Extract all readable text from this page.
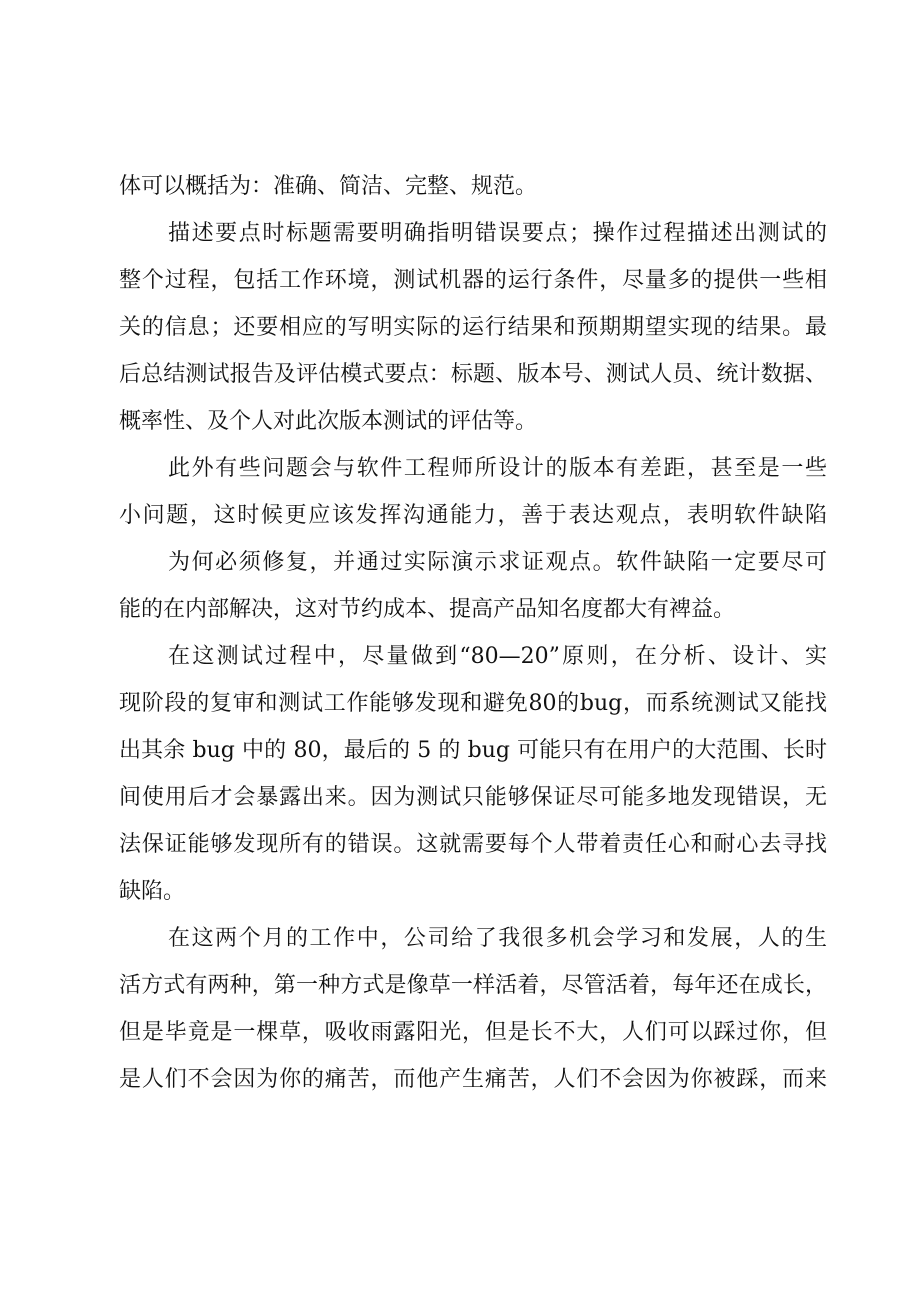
体可以概括为：准确、简洁、完整、规范。
描述要点时标题需要明确指明错误要点；操作过程描述出测试的
整个过程，包括工作环境，测试机器的运行条件，尽量多的提供一些相
关的信息；还要相应的写明实际的运行结果和预期期望实现的结果。最
后总结测试报告及评估模式要点：标题、版本号、测试人员、统计数据、
概率性、及个人对此次版本测试的评估等。
此外有些问题会与软件工程师所设计的版本有差距，甚至是一些
小问题，这时候更应该发挥沟通能力，善于表达观点，表明软件缺陷
为何必须修复，并通过实际演示求证观点。软件缺陷一定要尽可
能的在内部解决，这对节约成本、提高产品知名度都大有裨益。
在这测试过程中，尽量做到“80—20”原则，在分析、设计、实
现阶段的复审和测试工作能够发现和避免80的bug，而系统测试又能找
出其余 bug 中的 80，最后的 5 的 bug 可能只有在用户的大范围、长时
间使用后才会暴露出来。因为测试只能够保证尽可能多地发现错误，无
法保证能够发现所有的错误。这就需要每个人带着责任心和耐心去寻找
缺陷。
在这两个月的工作中，公司给了我很多机会学习和发展，人的生
活方式有两种，第一种方式是像草一样活着，尽管活着，每年还在成长，
但是毕竟是一棵草，吸收雨露阳光，但是长不大，人们可以踩过你，但
是人们不会因为你的痛苦，而他产生痛苦，人们不会因为你被踩，而来
